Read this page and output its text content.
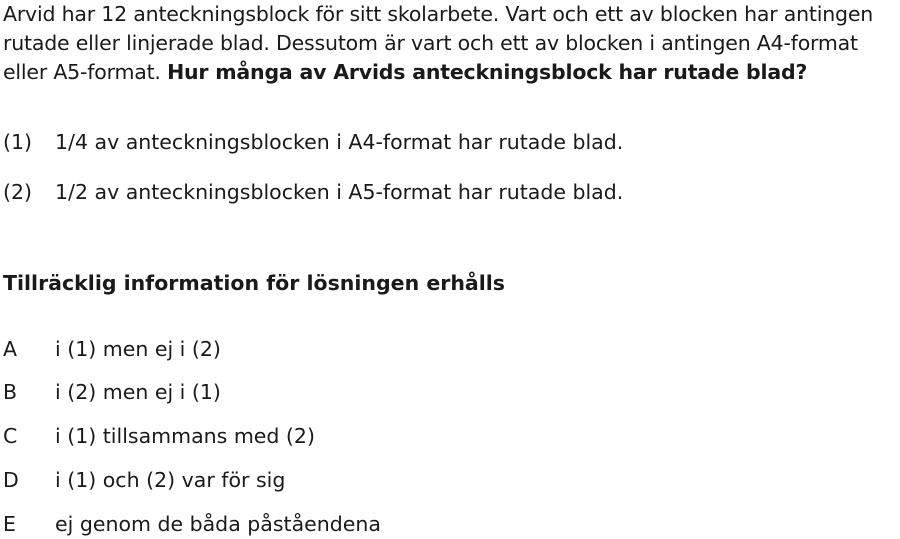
Arvid har 12 anteckningsblock för sitt skolarbete. Vart och ett av blocken har antingen rutade eller linjerade blad. Dessutom är vart och ett av blocken i antingen A4-format eller A5-format. Hur många av Arvids anteckningsblock har rutade blad?
(1) 1/4 av anteckningsblocken i A4-format har rutade blad.
(2) 1/2 av anteckningsblocken i A5-format har rutade blad.
Tillräcklig information för lösningen erhålls
A i (1) men ej i (2)
B i (2) men ej i (1)
C i (1) tillsammans med (2)
D i (1) och (2) var för sig
E ej genom de båda påståendena
